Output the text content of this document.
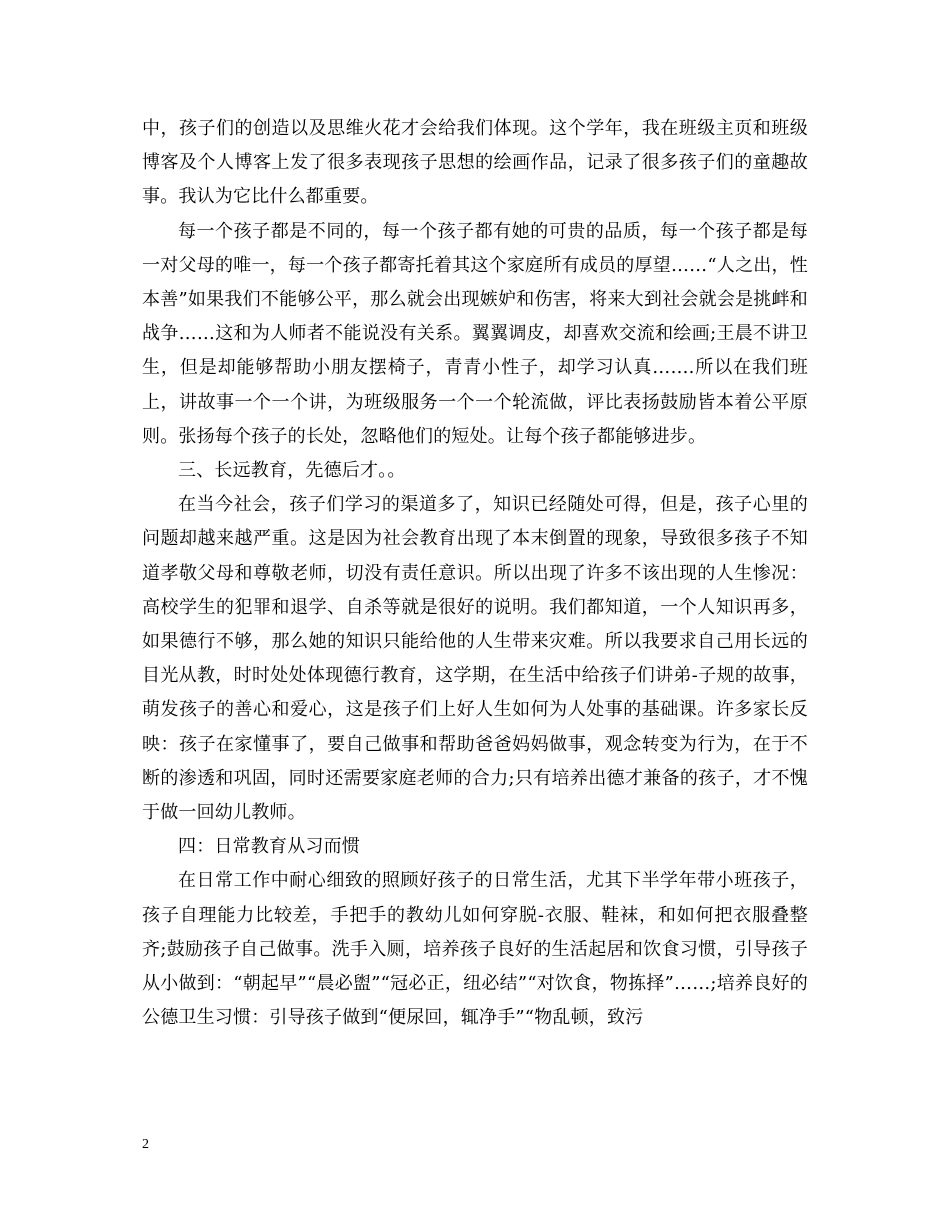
中，孩子们的创造以及思维火花才会给我们体现。这个学年，我在班级主页和班级博客及个人博客上发了很多表现孩子思想的绘画作品，记录了很多孩子们的童趣故事。我认为它比什么都重要。

每一个孩子都是不同的，每一个孩子都有她的可贵的品质，每一个孩子都是每一对父母的唯一，每一个孩子都寄托着其这个家庭所有成员的厚望……“人之出，性本善”如果我们不能够公平，那么就会出现嫉妒和伤害，将来大到社会就会是挑衅和战争……这和为人师者不能说没有关系。翼翼调皮，却喜欢交流和绘画;王晨不讲卫生，但是却能够帮助小朋友摆椅子，青青小性子，却学习认真…….所以在我们班上，讲故事一个一个讲，为班级服务一个一个轮流做，评比表扬鼓励皆本着公平原则。张扬每个孩子的长处，忽略他们的短处。让每个孩子都能够进步。

三、长远教育，先德后才。。

在当今社会，孩子们学习的渠道多了，知识已经随处可得，但是，孩子心里的问题却越来越严重。这是因为社会教育出现了本末倒置的现象，导致很多孩子不知道孝敬父母和尊敬老师，切没有责任意识。所以出现了许多不该出现的人生惨况：高校学生的犯罪和退学、自杀等就是很好的说明。我们都知道，一个人知识再多，如果德行不够，那么她的知识只能给他的人生带来灾难。所以我要求自己用长远的目光从教，时时处处体现德行教育，这学期，在生活中给孩子们讲弟-子规的故事，萌发孩子的善心和爱心，这是孩子们上好人生如何为人处事的基础课。许多家长反映：孩子在家懂事了，要自己做事和帮助爸爸妈妈做事，观念转变为行为，在于不断的渗透和巩固，同时还需要家庭老师的合力;只有培养出德才兼备的孩子，才不愧于做一回幼儿教师。

四：日常教育从习而惯

在日常工作中耐心细致的照顾好孩子的日常生活，尤其下半学年带小班孩子，孩子自理能力比较差，手把手的教幼儿如何穿脱-衣服、鞋袜，和如何把衣服叠整齐;鼓励孩子自己做事。洗手入厕，培养孩子良好的生活起居和饮食习惯，引导孩子从小做到：“朝起早”“晨必盥”“冠必正，纽必结”“对饮食，物拣择”……;培养良好的公德卫生习惯：引导孩子做到“便尿回，辄净手”“物乱顿，致污

2
